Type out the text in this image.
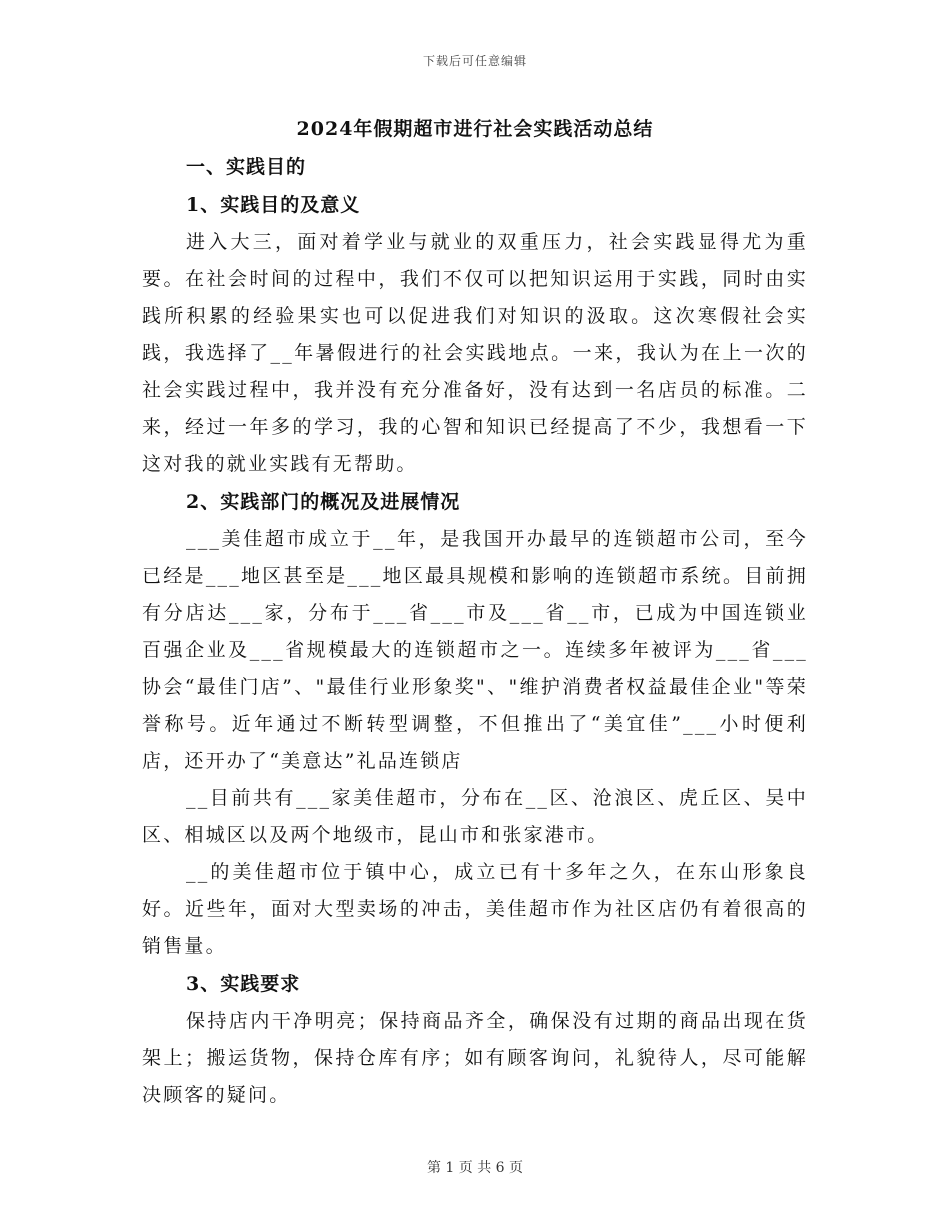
下载后可任意编辑
2024年假期超市进行社会实践活动总结

一、实践目的

1、实践目的及意义

进入大三，面对着学业与就业的双重压力，社会实践显得尤为重要。在社会时间的过程中，我们不仅可以把知识运用于实践，同时由实践所积累的经验果实也可以促进我们对知识的汲取。这次寒假社会实践，我选择了__年暑假进行的社会实践地点。一来，我认为在上一次的社会实践过程中，我并没有充分准备好，没有达到一名店员的标准。二来，经过一年多的学习，我的心智和知识已经提高了不少，我想看一下这对我的就业实践有无帮助。

2、实践部门的概况及进展情况

___美佳超市成立于__年，是我国开办最早的连锁超市公司，至今已经是___地区甚至是___地区最具规模和影响的连锁超市系统。目前拥有分店达___家，分布于___省___市及___省__市，已成为中国连锁业百强企业及___省规模最大的连锁超市之一。连续多年被评为___省___协会“最佳门店”、"最佳行业形象奖"、"维护消费者权益最佳企业"等荣誉称号。近年通过不断转型调整，不但推出了“美宜佳”___小时便利店，还开办了“美意达”礼品连锁店

__目前共有___家美佳超市，分布在__区、沧浪区、虎丘区、吴中区、相城区以及两个地级市，昆山市和张家港市。

__的美佳超市位于镇中心，成立已有十多年之久，在东山形象良好。近些年，面对大型卖场的冲击，美佳超市作为社区店仍有着很高的销售量。

3、实践要求

保持店内干净明亮；保持商品齐全，确保没有过期的商品出现在货架上；搬运货物，保持仓库有序；如有顾客询问，礼貌待人，尽可能解决顾客的疑问。

第 1 页 共 6 页
